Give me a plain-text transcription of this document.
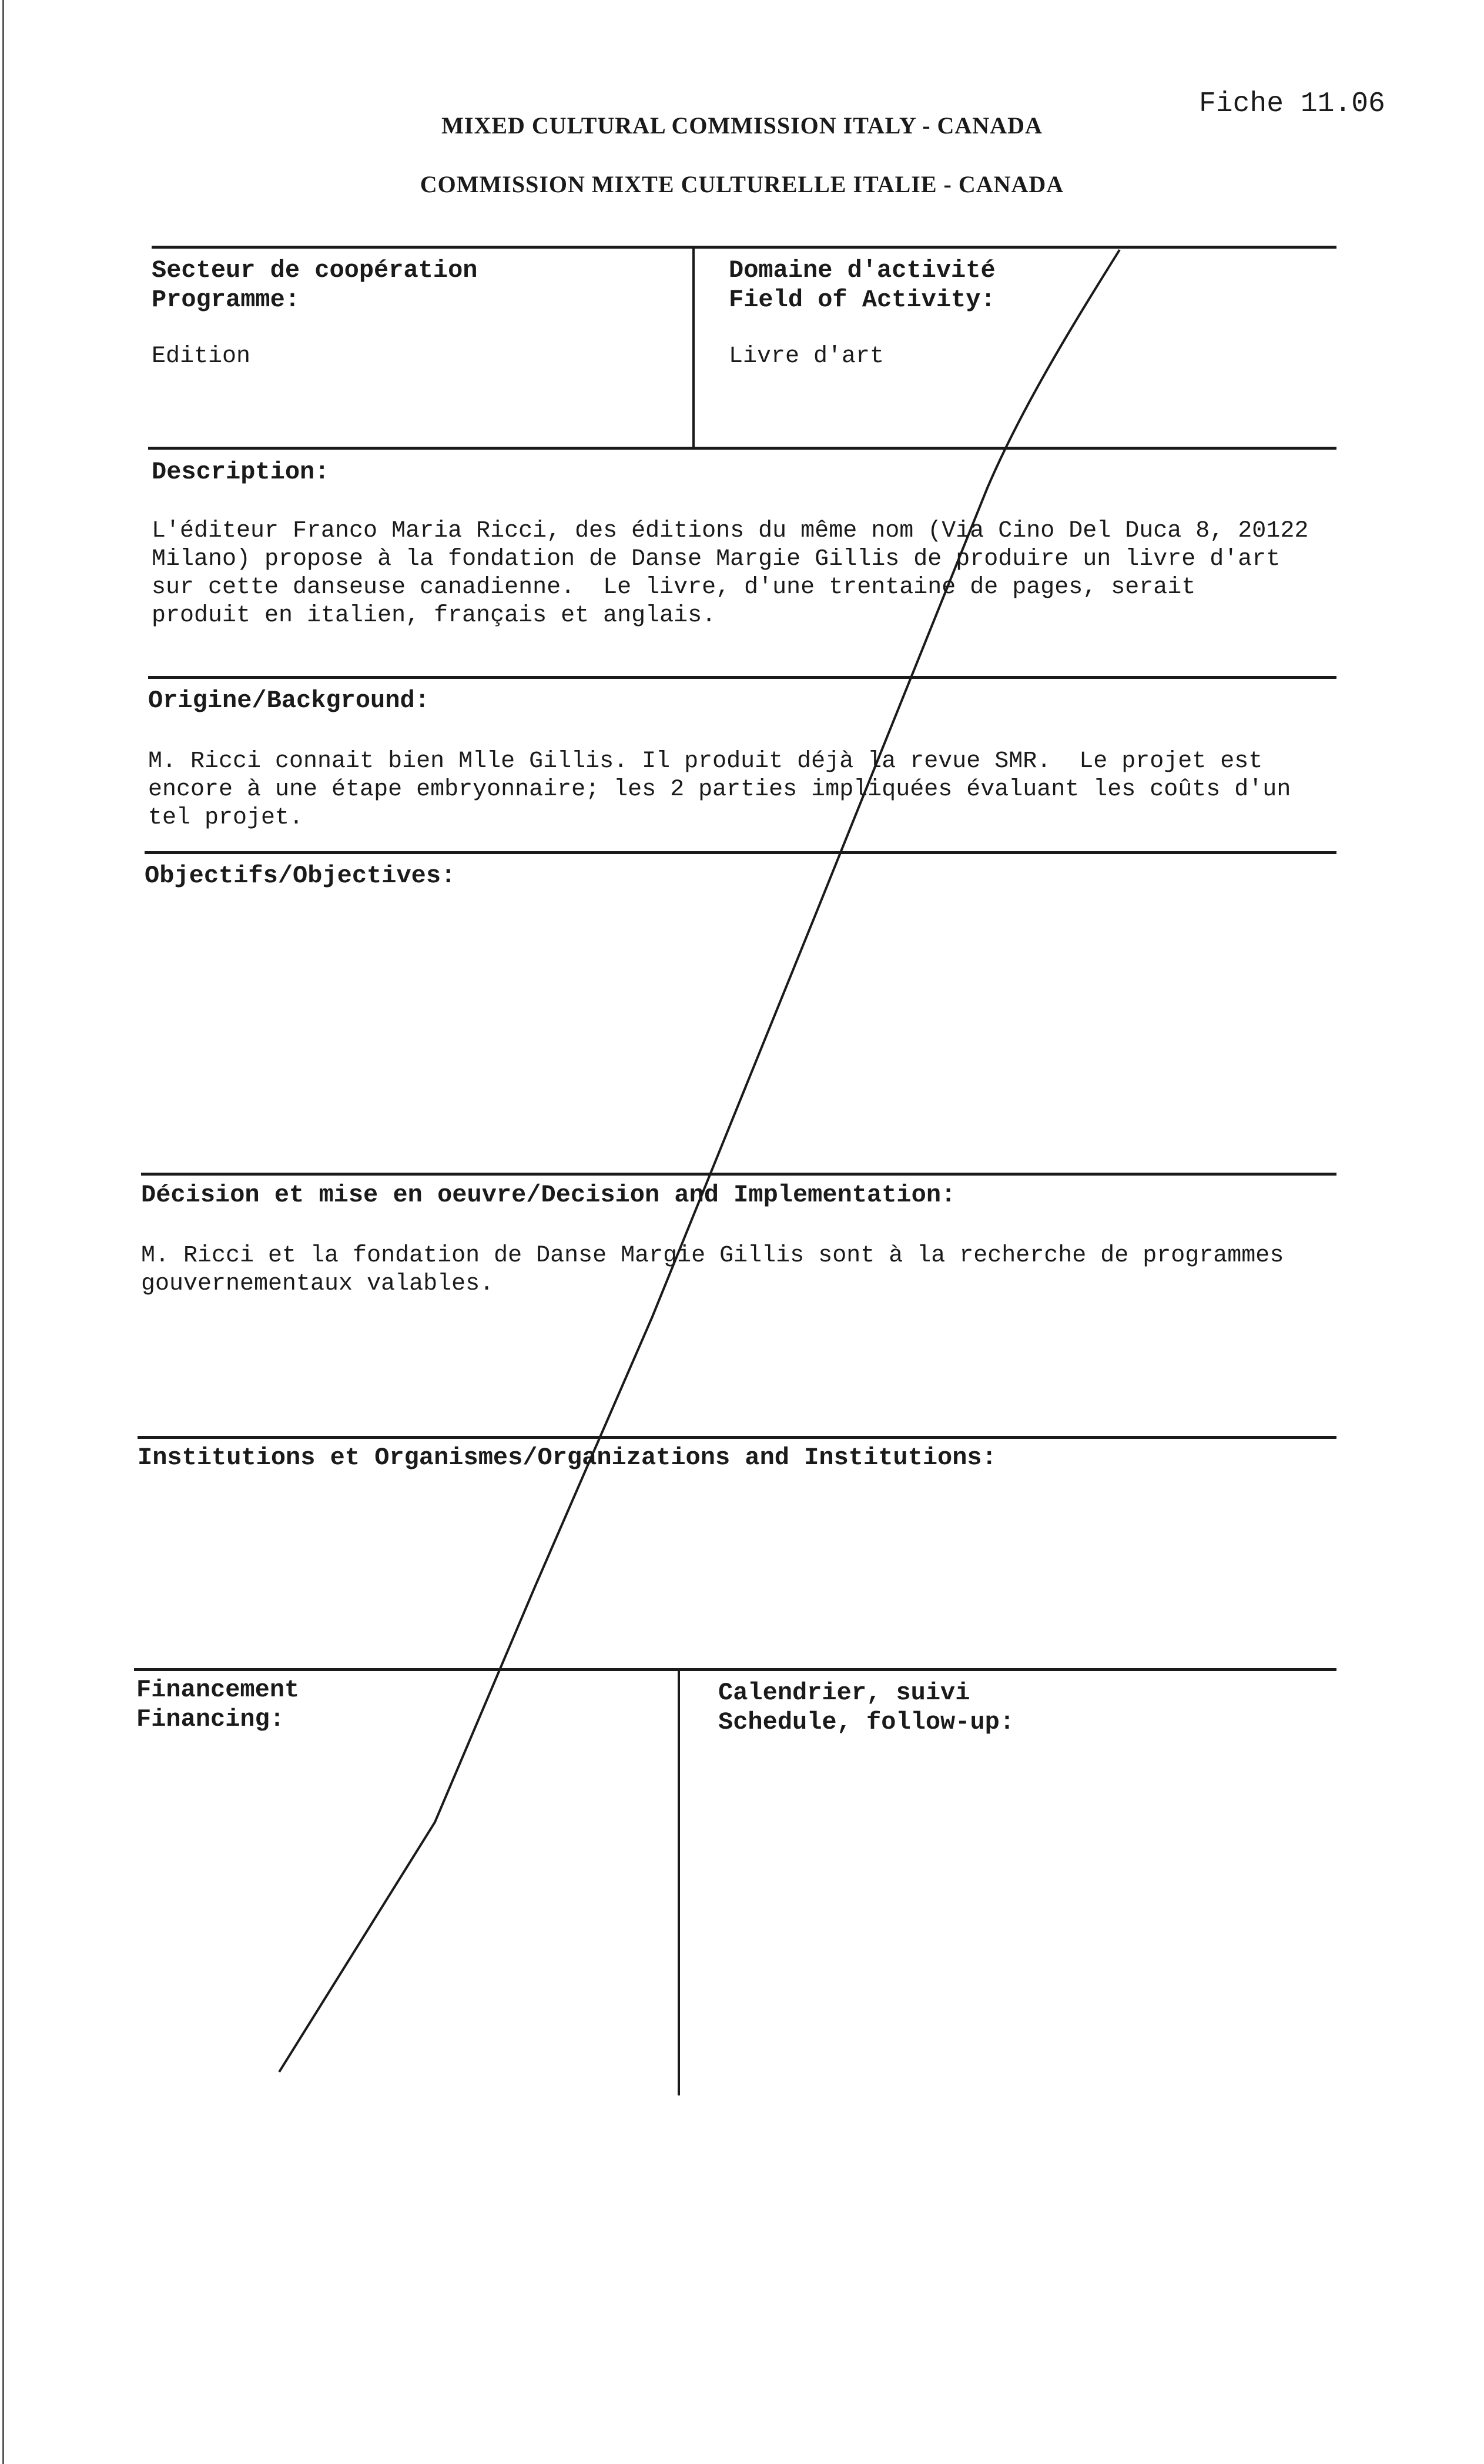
Fiche 11.06
MIXED CULTURAL COMMISSION ITALY - CANADA
COMMISSION MIXTE CULTURELLE ITALIE - CANADA
Secteur de coopération
Programme:
Edition
Domaine d'activité
Field of Activity:
Livre d'art
Description:
L'éditeur Franco Maria Ricci, des éditions du même nom (Via Cino Del Duca 8, 20122
Milano) propose à la fondation de Danse Margie Gillis de produire un livre d'art
sur cette danseuse canadienne.  Le livre, d'une trentaine de pages, serait
produit en italien, français et anglais.
Origine/Background:
M. Ricci connait bien Mlle Gillis. Il produit déjà la revue SMR.  Le projet est
encore à une étape embryonnaire; les 2 parties impliquées évaluant les coûts d'un
tel projet.
Objectifs/Objectives:
Décision et mise en oeuvre/Decision and Implementation:
M. Ricci et la fondation de Danse Margie Gillis sont à la recherche de programmes
gouvernementaux valables.
Institutions et Organismes/Organizations and Institutions:
Financement
Financing:
Calendrier, suivi
Schedule, follow-up:
